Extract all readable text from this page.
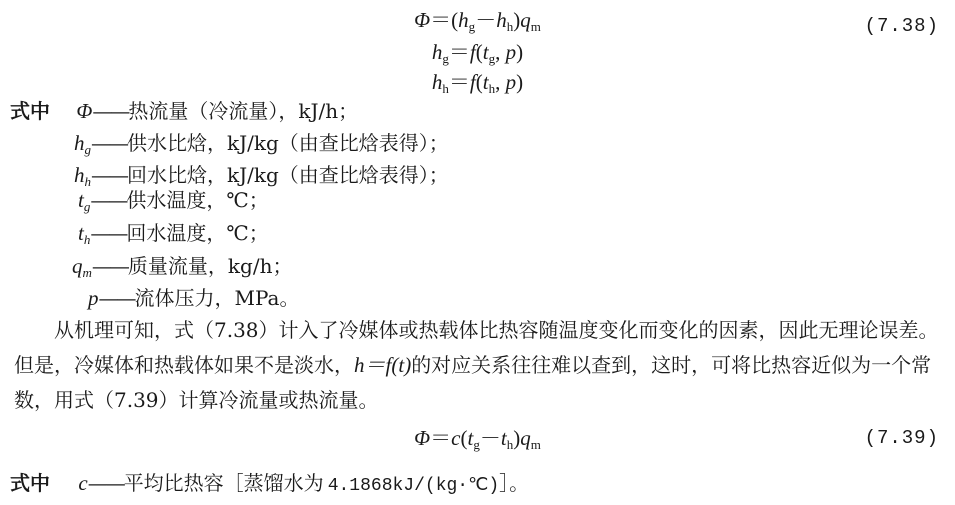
$\Phi=(h_g-h_h)q_m$	(7.38)
$h_g=f(t_g$, p)
$h_h=f(t_h$, p)
式中 Φ——热流量（冷流量），kJ/h；
$h_g——$供水比焓，kJ/kg（由查比焓表得）；
$h_h——$回水比焓，kJ/kg（由查比焓表得）；
$t_g——$供水温度，℃；
$t_h——$回水温度，℃；
$q_m——$质量流量，kg/h；
p——流体压力，MPa。
从机理可知，式（7.38）计入了冷媒体或热载体比热容随温度变化而变化的因素，因此无理论误差。但是，冷媒体和热载体如果不是淡水，h＝f(t)的对应关系往往难以查到，这时，可将比热容近似为一个常数，用式（7.39）计算冷流量或热流量。
$\Phi=c(t_g-t_h)q_m$	(7.39)
式中 c——平均比热容［蒸馏水为 4.1868kJ/(kg·℃)］。
